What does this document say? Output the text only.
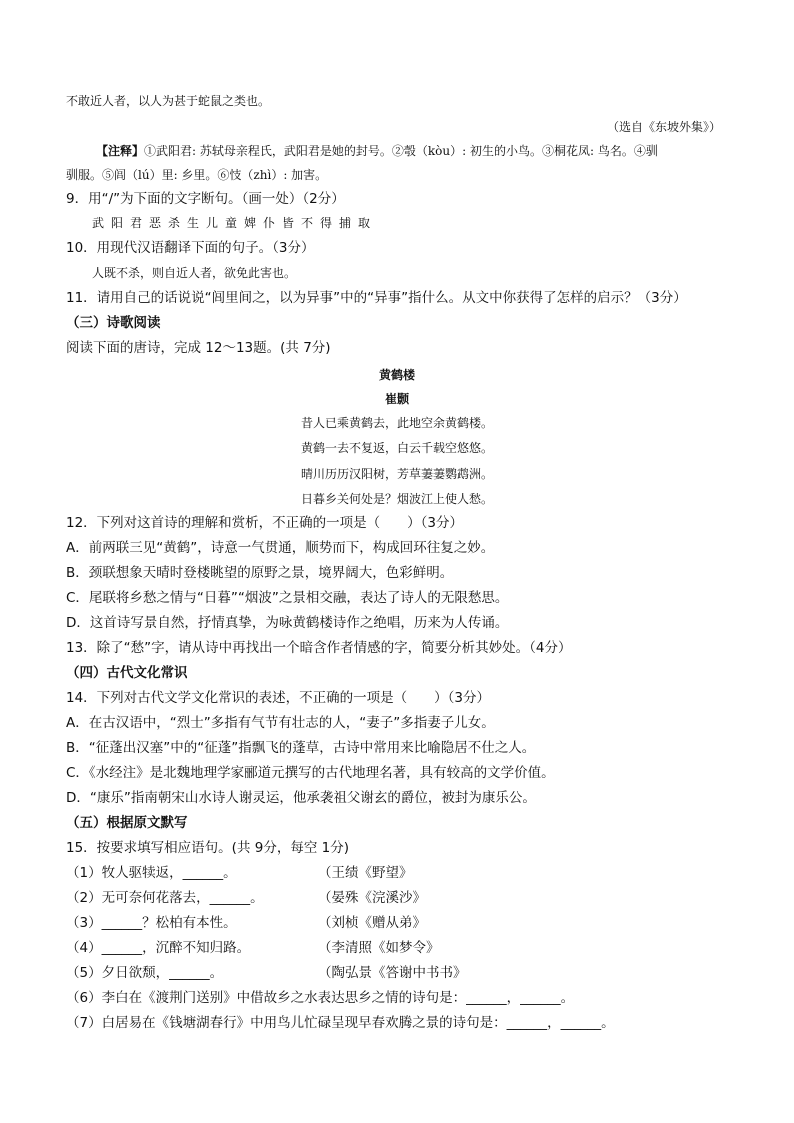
不敢近人者，以人为甚于蛇鼠之类也。
（选自《东坡外集》）
【注释】①武阳君: 苏轼母亲程氏，武阳君是她的封号。②彀（kòu）: 初生的小鸟。③桐花凤: 鸟名。④驯
驯服。⑤闾（lú）里: 乡里。⑥忮（zhì）: 加害。
9．用“/”为下面的文字断句。（画一处）（2分）
武阳君恶杀生儿童婢仆皆不得捕取
10．用现代汉语翻译下面的句子。（3分）
人既不杀，则自近人者，欲免此害也。
11．请用自己的话说说“闾里间之，以为异事”中的“异事”指什么。从文中你获得了怎样的启示？（3分）
（三）诗歌阅读
阅读下面的唐诗，完成 12～13题。(共 7分)
黄鹤楼
崔颢
昔人已乘黄鹤去，此地空余黄鹤楼。
黄鹤一去不复返，白云千载空悠悠。
晴川历历汉阳树，芳草萋萋鹦鹉洲。
日暮乡关何处是？烟波江上使人愁。
12．下列对这首诗的理解和赏析，不正确的一项是（　　）（3分）
A．前两联三见“黄鹤”，诗意一气贯通，顺势而下，构成回环往复之妙。
B．颈联想象天晴时登楼眺望的原野之景，境界阔大，色彩鲜明。
C．尾联将乡愁之情与“日暮”“烟波”之景相交融，表达了诗人的无限愁思。
D．这首诗写景自然，抒情真挚，为咏黄鹤楼诗作之绝唱，历来为人传诵。
13．除了“愁”字，请从诗中再找出一个暗含作者情感的字，简要分析其妙处。（4分）
（四）古代文化常识
14．下列对古代文学文化常识的表述，不正确的一项是（　　）（3分）
A．在古汉语中，“烈士”多指有气节有壮志的人，“妻子”多指妻子儿女。
B．“征蓬出汉塞”中的“征蓬”指飘飞的蓬草，古诗中常用来比喻隐居不仕之人。
C．《水经注》是北魏地理学家郦道元撰写的古代地理名著，具有较高的文学价值。
D．“康乐”指南朝宋山水诗人谢灵运，他承袭祖父谢玄的爵位，被封为康乐公。
（五）根据原文默写
15．按要求填写相应语句。(共 9分，每空 1分)
（1）牧人驱犊返，______。	（王绩《野望》
（2）无可奈何花落去，______。	（晏殊《浣溪沙》
（3）______？松柏有本性。	（刘桢《赠从弟》
（4）______，沉醉不知归路。	（李清照《如梦令》
（5）夕日欲颓，______。	（陶弘景《答谢中书书》
（6）李白在《渡荆门送别》中借故乡之水表达思乡之情的诗句是：______，______。
（7）白居易在《钱塘湖春行》中用鸟儿忙碌呈现早春欢腾之景的诗句是：______，______。
